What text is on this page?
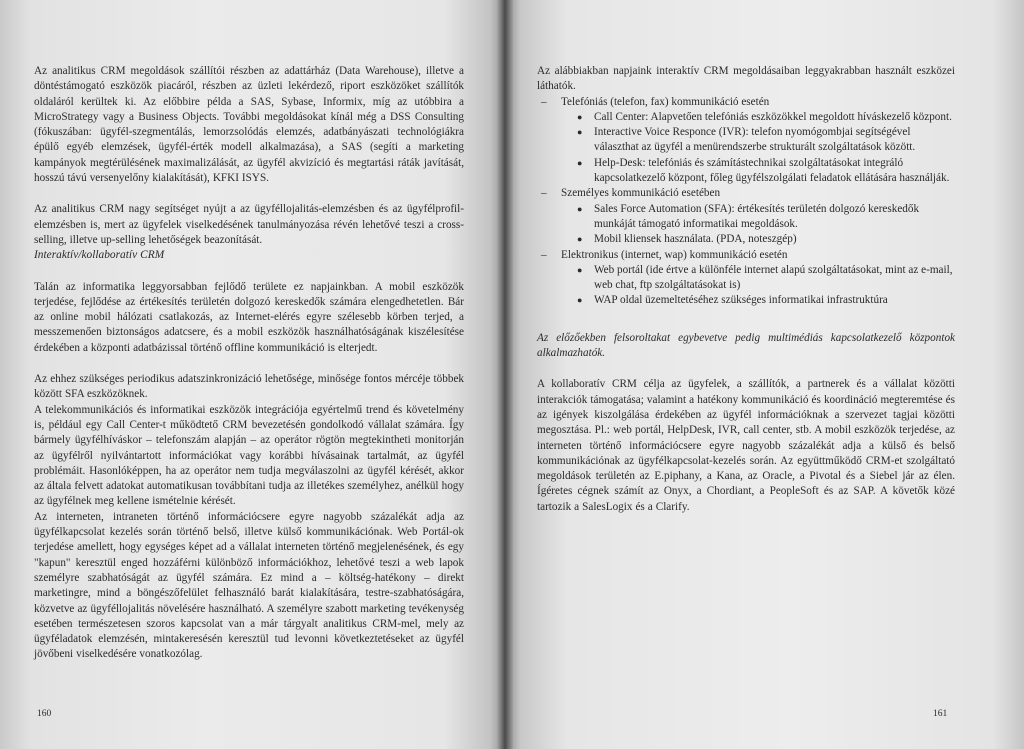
Az analitikus CRM megoldások szállítói részben az adattárház (Data Warehouse), illetve a döntéstámogató eszközök piacáról, részben az üzleti lekérdező, riport eszközöket szállítók oldaláról kerültek ki. Az előbbire példa a SAS, Sybase, Informix, míg az utóbbira a MicroStrategy vagy a Business Objects. További megoldásokat kínál még a DSS Consulting (fókuszában: ügyfél-szegmentálás, lemorzsolódás elemzés, adatbányászati technológiákra épülő egyéb elemzések, ügyfél-érték modell alkalmazása), a SAS (segíti a marketing kampányok megtérülésének maximalizálását, az ügyfél akvizíció és megtartási ráták javítását, hosszú távú versenyelőny kialakítását), KFKI ISYS.

Az analitikus CRM nagy segítséget nyújt a az ügyféllojalitás-elemzésben és az ügyfélprofil-elemzésben is, mert az ügyfelek viselkedésének tanulmányozása révén lehetővé teszi a cross-selling, illetve up-selling lehetőségek beazonítását.

Interaktív/kollaboratív CRM

Talán az informatika leggyorsabban fejlődő területe ez napjainkban. A mobil eszközök terjedése, fejlődése az értékesítés területén dolgozó kereskedők számára elengedhetetlen. Bár az online mobil hálózati csatlakozás, az Internet-elérés egyre szélesebb körben terjed, a messzemenően biztonságos adatcsere, és a mobil eszközök használhatóságának kiszélesítése érdekében a központi adatbázissal történő offline kommunikáció is elterjedt.

Az ehhez szükséges periodikus adatszinkronizáció lehetősége, minősége fontos mércéje többek között SFA eszközöknek.

A telekommunikációs és informatikai eszközök integrációja egyértelmű trend és követelmény is, például egy Call Center-t működtető CRM bevezetésén gondolkodó vállalat számára. Így bármely ügyfélhíváskor – telefonszám alapján – az operátor rögtön megtekintheti monitorján az ügyfélről nyilvántartott információkat vagy korábbi hívásainak tartalmát, az ügyfél problémáit. Hasonlóképpen, ha az operátor nem tudja megválaszolni az ügyfél kérését, akkor az általa felvett adatokat automatikusan továbbítani tudja az illetékes személyhez, anélkül hogy az ügyfélnek meg kellene ismételnie kérését.

Az interneten, intraneten történő információcsere egyre nagyobb százalékát adja az ügyfélkapcsolat kezelés során történő belső, illetve külső kommunikációnak. Web Portál-ok terjedése amellett, hogy egységes képet ad a vállalat interneten történő megjelenésének, és egy "kapun" keresztül enged hozzáférni különböző információkhoz, lehetővé teszi a web lapok személyre szabhatóságát az ügyfél számára. Ez mind a – költség-hatékony – direkt marketingre, mind a böngészőfelület felhasználó barát kialakítására, testre-szabhatóságára, közvetve az ügyféllojalitás növelésére használható. A személyre szabott marketing tevékenység esetében természetesen szoros kapcsolat van a már tárgyalt analitikus CRM-mel, mely az ügyféladatok elemzésén, mintakeresésén keresztül tud levonni következtetéseket az ügyfél jövőbeni viselkedésére vonatkozólag.

160	161

Az alábbiakban napjaink interaktív CRM megoldásaiban leggyakrabban használt eszközei láthatók.

– Telefóniás (telefon, fax) kommunikáció esetén
● Call Center: Alapvetően telefóniás eszközökkel megoldott híváskezelő központ.
● Interactive Voice Responce (IVR): telefon nyomógombjai segítségével választhat az ügyfél a menürendszerbe strukturált szolgáltatások között.
● Help-Desk: telefóniás és számítástechnikai szolgáltatásokat integráló kapcsolatkezelő központ, főleg ügyfélszolgálati feladatok ellátására használják.
– Személyes kommunikáció esetében
● Sales Force Automation (SFA): értékesítés területén dolgozó kereskedők munkáját támogató informatikai megoldások.
● Mobil kliensek használata. (PDA, noteszgép)
– Elektronikus (internet, wap) kommunikáció esetén
● Web portál (ide értve a különféle internet alapú szolgáltatásokat, mint az e-mail, web chat, ftp szolgáltatásokat is)
● WAP oldal üzemeltetéséhez szükséges informatikai infrastruktúra

Az előzőekben felsoroltakat egybevetve pedig multimédiás kapcsolatkezelő központok alkalmazhatók.

A kollaboratív CRM célja az ügyfelek, a szállítók, a partnerek és a vállalat közötti interakciók támogatása; valamint a hatékony kommunikáció és koordináció megteremtése és az igények kiszolgálása érdekében az ügyfél információknak a szervezet tagjai közötti megosztása. Pl.: web portál, HelpDesk, IVR, call center, stb. A mobil eszközök terjedése, az interneten történő információcsere egyre nagyobb százalékát adja a külső és belső kommunikációnak az ügyfélkapcsolat-kezelés során. Az együttműködő CRM-et szolgáltató megoldások területén az E.piphany, a Kana, az Oracle, a Pivotal és a Siebel jár az élen. Ígéretes cégnek számít az Onyx, a Chordiant, a PeopleSoft és az SAP. A követők közé tartozik a SalesLogix és a Clarify.
